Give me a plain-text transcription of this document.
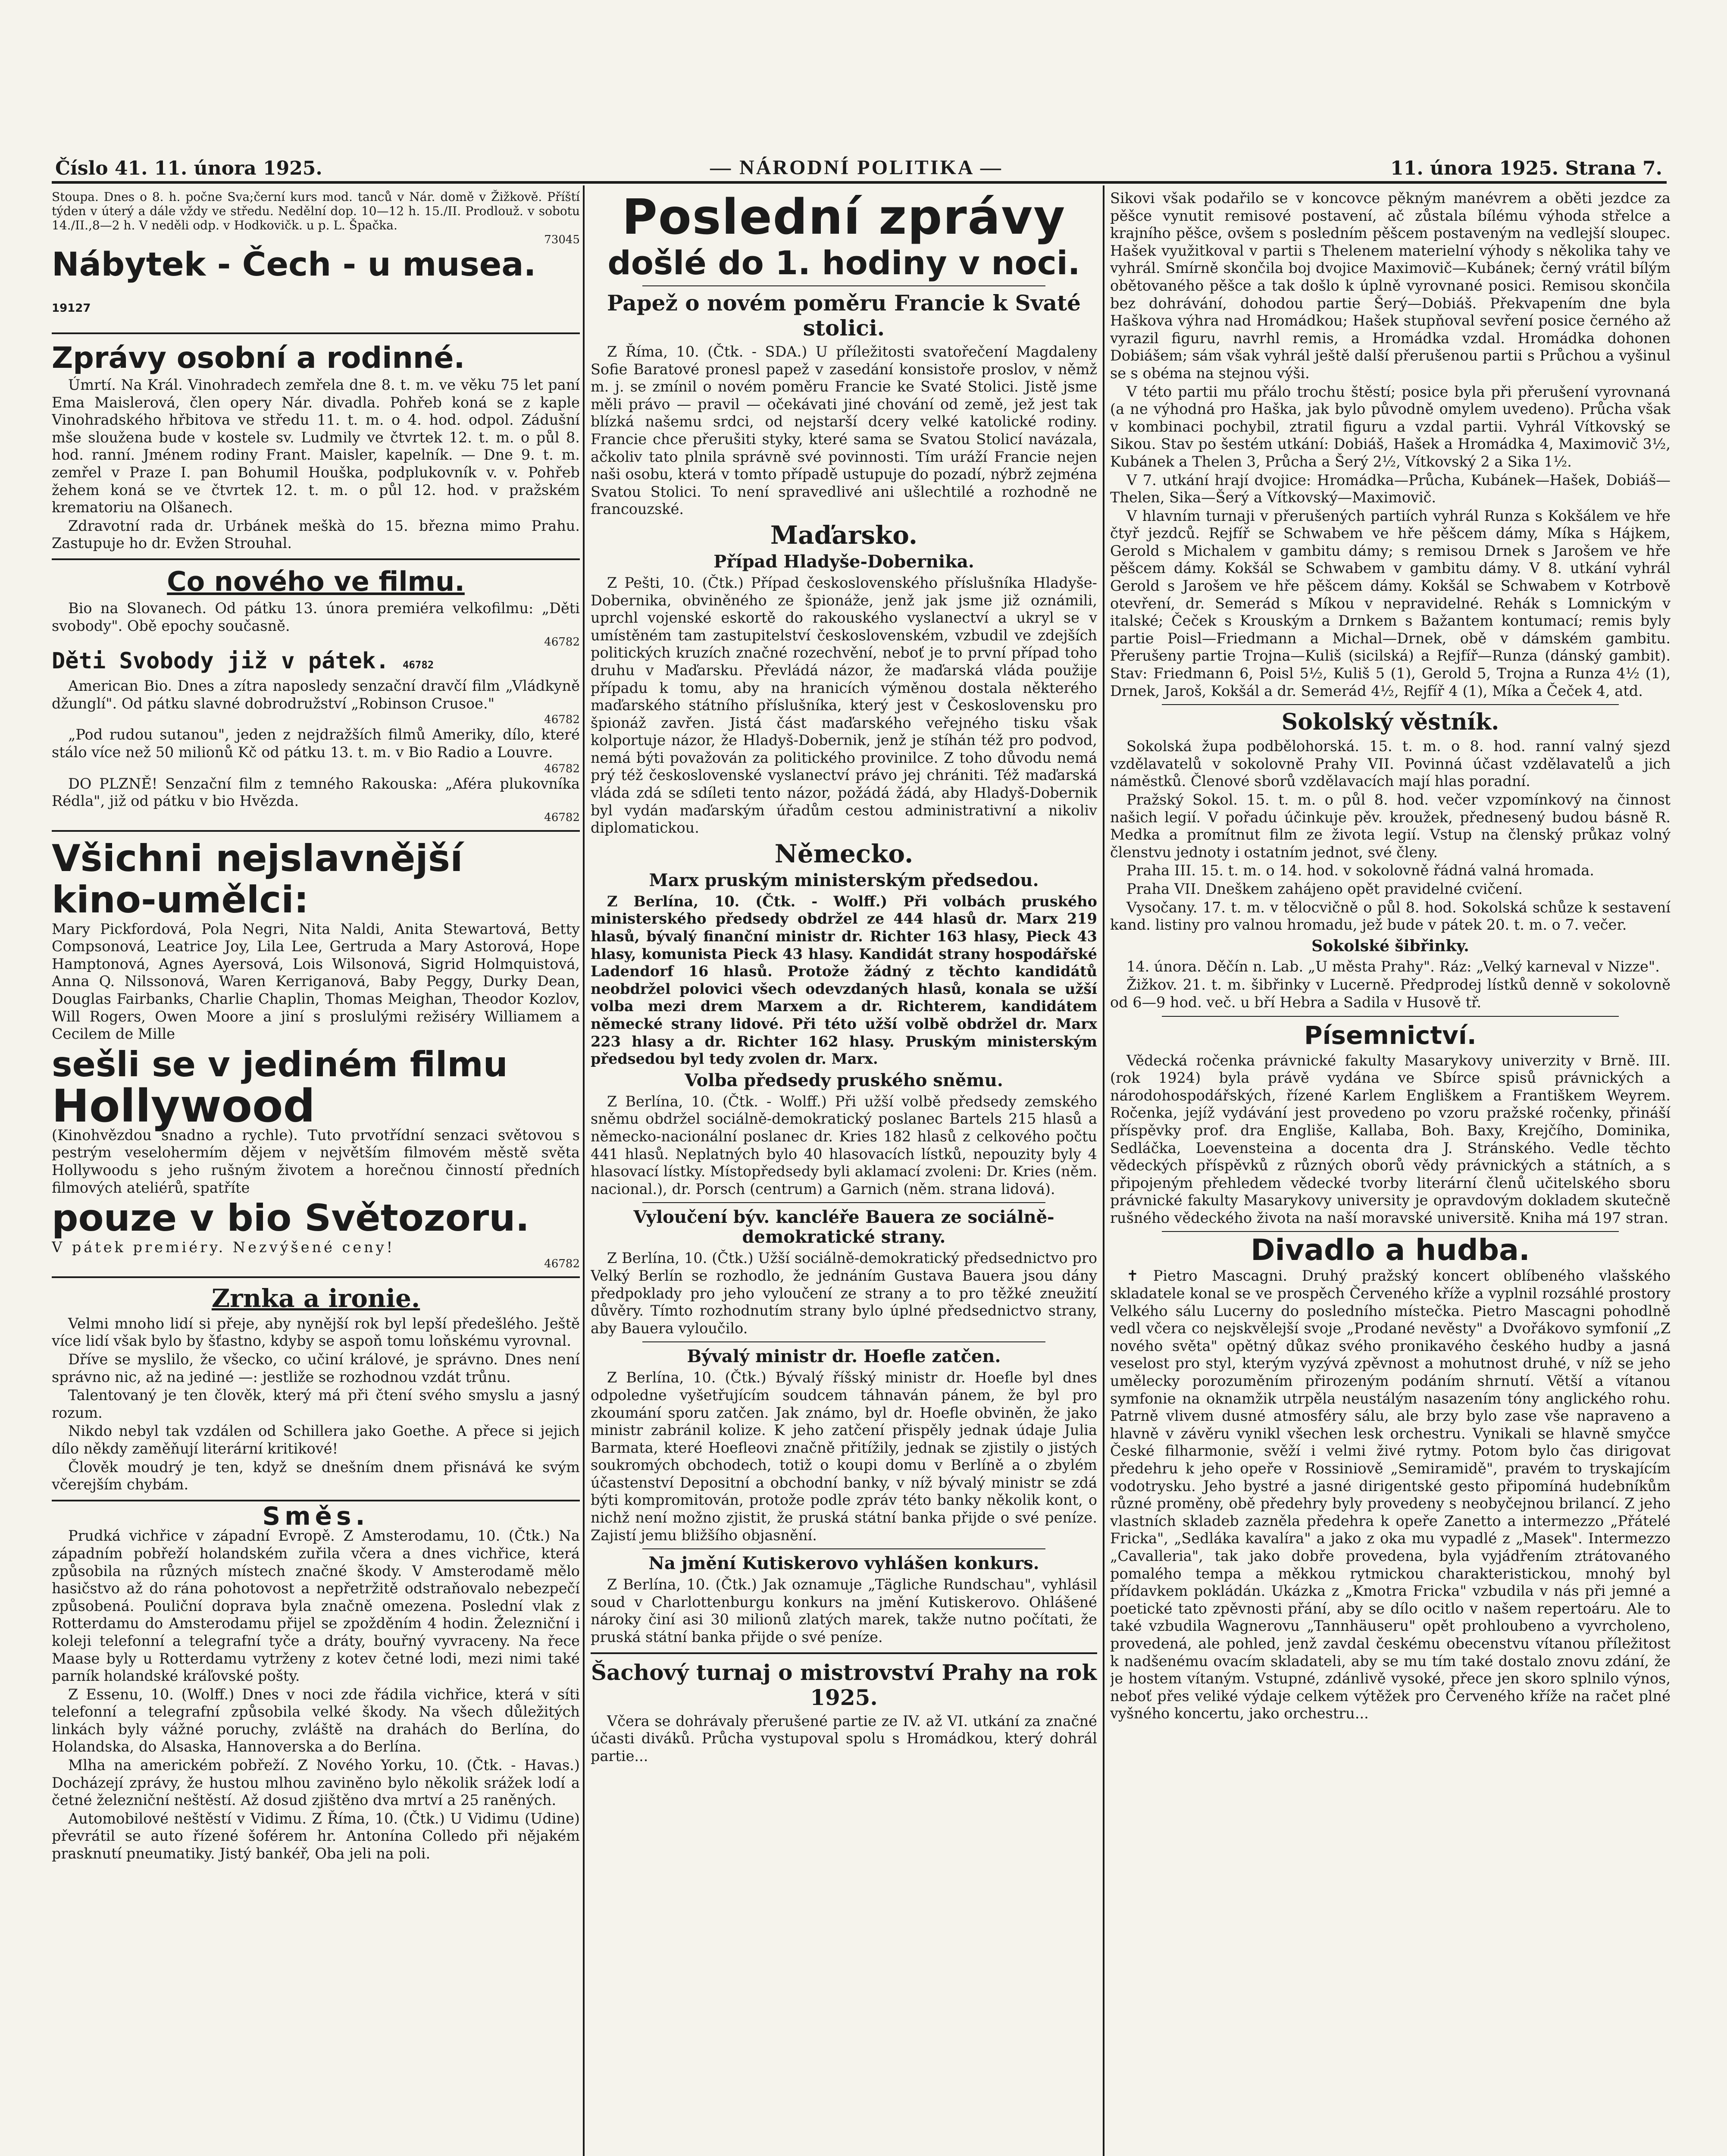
Číslo 41. 11. února 1925.	— NÁRODNÍ POLITIKA —	11. února 1925. Strana 7.

Stoupa. Dnes o 8. h. počne Sva;černí kurs mod. tanců v Nár. domě v Žižkově. Příští týden v úterý a dále vždy ve středu. Nedělní dop. 10—12 h. 15./II. Prodlouž. v sobotu 14./II.,8—2 h. V neděli odp. v Hodkovičk. u p. L. Špačka.

73045
Nábytek - Čech - u musea. 19127
Zprávy osobní a rodinné.

Úmrtí. Na Král. Vinohradech zemřela dne 8. t. m. ve věku 75 let paní Ema Maislerová, člen opery Nár. divadla. Pohřeb koná se z kaple Vinohradského hřbitova ve středu 11. t. m. o 4. hod. odpol. Zádušní mše sloužena bude v kostele sv. Ludmily ve čtvrtek 12. t. m. o půl 8. hod. ranní. Jménem rodiny Frant. Maisler, kapelník. — Dne 9. t. m. zemřel v Praze I. pan Bohumil Houška, podplukovník v. v. Pohřeb žehem koná se ve čtvrtek 12. t. m. o půl 12. hod. v pražském krematoriu na Olšanech.

Zdravotní rada dr. Urbánek meškà do 15. března mimo Prahu. Zastupuje ho dr. Evžen Strouhal.

Co nového ve filmu.

Bio na Slovanech. Od pátku 13. února premiéra velkofilmu: „Děti svobody". Obě epochy současně.

46782
Děti Svobody již v pátek. 46782

American Bio. Dnes a zítra naposledy senzační dravčí film „Vládkyně džunglí". Od pátku slavné dobrodružství „Robinson Crusoe."

46782

„Pod rudou sutanou", jeden z nejdražších filmů Ameriky, dílo, které stálo více než 50 milionů Kč od pátku 13. t. m. v Bio Radio a Louvre.

46782

DO PLZNĚ! Senzační film z temného Rakouska: „Aféra plukovníka Rédla", již od pátku v bio Hvězda.

46782
Všichni nejslavnější kino-umělci:

Mary Pickfordová, Pola Negri, Nita Naldi, Anita Stewartová, Betty Compsonová, Leatrice Joy, Lila Lee, Gertruda a Mary Astorová, Hope Hamptonová, Agnes Ayersová, Lois Wilsonová, Sigrid Holmquistová, Anna Q. Nilssonová, Waren Kerriganová, Baby Peggy, Durky Dean, Douglas Fairbanks, Charlie Chaplin, Thomas Meighan, Theodor Kozlov, Will Rogers, Owen Moore a jiní s proslulými režiséry Williamem a Cecilem de Mille

sešli se v jediném filmu
Hollywood

(Kinohvězdou snadno a rychle). Tuto prvotřídní senzaci světovou s pestrým veselohermím dějem v největším filmovém městě světa Hollywoodu s jeho rušným životem a horečnou činností předních filmových ateliérů, spatříte

pouze v bio Světozoru.

V pátek premiéry. Nezvýšené ceny!

46782
Zrnka a ironie.

Velmi mnoho lidí si přeje, aby nynější rok byl lepší předešlého. Ještě více lidí však bylo by šťastno, kdyby se aspoň tomu loňskému vyrovnal.

Dříve se myslilo, že všecko, co učiní králové, je správno. Dnes není správno nic, až na jediné —: jestliže se rozhodnou vzdát trůnu.

Talentovaný je ten člověk, který má při čtení svého smyslu a jasný rozum.

Nikdo nebyl tak vzdálen od Schillera jako Goethe. A přece si jejich dílo někdy zaměňují literární kritikové!

Člověk moudrý je ten, když se dnešním dnem přisnává ke svým včerejším chybám.

Směs.

Prudká vichřice v západní Evropě. Z Amsterodamu, 10. (Čtk.) Na západním pobřeží holandském zuřila včera a dnes vichřice, která způsobila na různých místech značné škody. V Amsterodamě mělo hasičstvo až do rána pohotovost a nepřetržitě odstraňovalo nebezpečí způsobená. Pouliční doprava byla značně omezena. Poslední vlak z Rotterdamu do Amsterodamu přijel se zpožděním 4 hodin. Železniční i koleji telefonní a telegrafní tyče a dráty, bouřný vyvraceny. Na řece Maase byly u Rotterdamu vytrženy z kotev četné lodi, mezi nimi také parník holandské kráľovské pošty.

Z Essenu, 10. (Wolff.) Dnes v noci zde řádila vichřice, která v síti telefonní a telegrafní způsobila velké škody. Na všech důležitých linkách byly vážné poruchy, zvláště na drahách do Berlína, do Holandska, do Alsaska, Hannoverska a do Berlína.

Mlha na americkém pobřeží. Z Nového Yorku, 10. (Čtk. - Havas.) Docházejí zprávy, že hustou mlhou zaviněno bylo několik srážek lodí a četné železniční neštěstí. Až dosud zjištěno dva mrtví a 25 raněných.

Automobilové neštěstí v Vidimu. Z Říma, 10. (Čtk.) U Vidimu (Udine) převrátil se auto řízené šoférem hr. Antonína Colledo při nějakém prasknutí pneumatiky. Jistý bankéř, Oba jeli na poli.

Poslední zprávy
došlé do 1. hodiny v noci.
Papež o novém poměru Francie k Svaté stolici.

Z Říma, 10. (Čtk. - SDA.) U příležitosti svatořečení Magdaleny Sofie Baratové pronesl papež v zasedání konsistoře proslov, v němž m. j. se zmínil o novém poměru Francie ke Svaté Stolici. Jistě jsme měli právo — pravil — očekávati jiné chování od země, jež jest tak blízká našemu srdci, od nejstarší dcery velké katolické rodiny. Francie chce přerušiti styky, které sama se Svatou Stolicí navázala, ačkoliv tato plnila správně své povinnosti. Tím uráží Francie nejen naši osobu, která v tomto případě ustupuje do pozadí, nýbrž zejména Svatou Stolici. To není spravedlivé ani ušlechtilé a rozhodně ne francouzské.

Maďarsko.
Případ Hladyše-Dobernika.

Z Pešti, 10. (Čtk.) Případ československého příslušníka Hladyše-Dobernika, obviněného ze špionáže, jenž jak jsme již oznámili, uprchl vojenské eskortě do rakouského vyslanectví a ukryl se v umístěném tam zastupitelství československém, vzbudil ve zdejších politických kruzích značné rozechvění, neboť je to první případ toho druhu v Maďarsku. Převládá názor, že maďarská vláda použije případu k tomu, aby na hranicích výměnou dostala některého maďarského státního příslušníka, který jest v Československu pro špionáž zavřen. Jistá část maďarského veřejného tisku však kolportuje názor, že Hladyš-Dobernik, jenž je stíhán též pro podvod, nemá býti považován za politického provinilce. Z toho důvodu nemá prý též československé vyslanectví právo jej chrániti. Též maďarská vláda zdá se sdíleti tento názor, požádá žádá, aby Hladyš-Dobernik byl vydán maďarským úřadům cestou administrativní a nikoliv diplomatickou.

Německo.
Marx pruským ministerským předsedou.

Z Berlína, 10. (Čtk. - Wolff.) Při volbách pruského ministerského předsedy obdržel ze 444 hlasů dr. Marx 219 hlasů, bývalý finanční ministr dr. Richter 163 hlasy, Pieck 43 hlasy, komunista Pieck 43 hlasy. Kandidát strany hospodářské Ladendorf 16 hlasů. Protože žádný z těchto kandidátů neobdržel polovici všech odevzdaných hlasů, konala se užší volba mezi drem Marxem a dr. Richterem, kandidátem německé strany lidové. Při této užší volbě obdržel dr. Marx 223 hlasy a dr. Richter 162 hlasy. Pruským ministerským předsedou byl tedy zvolen dr. Marx.

Volba předsedy pruského sněmu.

Z Berlína, 10. (Čtk. - Wolff.) Při užší volbě předsedy zemského sněmu obdržel sociálně-demokratický poslanec Bartels 215 hlasů a německo-nacionální poslanec dr. Kries 182 hlasů z celkového počtu 441 hlasů. Neplatných bylo 40 hlasovacích lístků, nepouzity byly 4 hlasovací lístky. Místopředsedy byli aklamací zvoleni: Dr. Kries (něm. nacional.), dr. Porsch (centrum) a Garnich (něm. strana lidová).

Vyloučení býv. kancléře Bauera ze sociálně-demokratické strany.

Z Berlína, 10. (Čtk.) Užší sociálně-demokratický předsednictvo pro Velký Berlín se rozhodlo, že jednáním Gustava Bauera jsou dány předpoklady pro jeho vyloučení ze strany a to pro těžké zneužití důvěry. Tímto rozhodnutím strany bylo úplné předsednictvo strany, aby Bauera vyloučilo.

Bývalý ministr dr. Hoefle zatčen.

Z Berlína, 10. (Čtk.) Bývalý říšský ministr dr. Hoefle byl dnes odpoledne vyšetřujícím soudcem táhnaván pánem, že byl pro zkoumání sporu zatčen. Jak známo, byl dr. Hoefle obviněn, že jako ministr zabránil kolize. K jeho zatčení přispěly jednak údaje Julia Barmata, které Hoefleovi značně přitížily, jednak se zjistily o jistých soukromých obchodech, totiž o koupi domu v Berlíně a o zbylém účastenství Depositní a obchodní banky, v níž bývalý ministr se zdá býti kompromitován, protože podle zpráv této banky několik kont, o nichž není možno zjistit, že pruská státní banka přijde o své peníze. Zajistí jemu bližšího objasnění.

Na jmění Kutiskerovo vyhlášen konkurs.

Z Berlína, 10. (Čtk.) Jak oznamuje „Tägliche Rundschau", vyhlásil soud v Charlottenburgu konkurs na jmění Kutiskerovo. Ohlášené nároky činí asi 30 milionů zlatých marek, takže nutno počítati, že pruská státní banka přijde o své peníze.

Šachový turnaj o mistrovství Prahy na rok 1925.

Včera se dohrávaly přerušené partie ze IV. až VI. utkání za značné účasti diváků. Průcha vystupoval spolu s Hromádkou, který dohrál partie...

Sikovi však podařilo se v koncovce pěkným manévrem a oběti jezdce za pěšce vynutit remisové postavení, ač zůstala bílému výhoda střelce a krajního pěšce, ovšem s posledním pěšcem postaveným na vedlejší sloupec. Hašek využitkoval v partii s Thelenem materielní výhody s několika tahy ve vyhrál. Smírně skončila boj dvojice Maximovič—Kubánek; černý vrátil bílým obětovaného pěšce a tak došlo k úplně vyrovnané posici. Remisou skončila bez dohrávání, dohodou partie Šerý—Dobiáš. Překvapením dne byla Haškova výhra nad Hromádkou; Hašek stupňoval sevření posice černého až vyrazil figuru, navrhl remis, a Hromádka vzdal. Hromádka dohonen Dobiášem; sám však vyhrál ještě další přerušenou partii s Průchou a vyšinul se s obéma na stejnou výši.

V této partii mu přálo trochu štěstí; posice byla při přerušení vyrovnaná (a ne výhodná pro Haška, jak bylo původně omylem uvedeno). Průcha však v kombinaci pochybil, ztratil figuru a vzdal partii. Vyhrál Vítkovský se Sikou. Stav po šestém utkání: Dobiáš, Hašek a Hromádka 4, Maximovič 3½, Kubánek a Thelen 3, Průcha a Šerý 2½, Vítkovský 2 a Sika 1½.

V 7. utkání hrají dvojice: Hromádka—Průcha, Kubánek—Hašek, Dobiáš—Thelen, Sika—Šerý a Vítkovský—Maximovič.

V hlavním turnaji v přerušených partiích vyhrál Runza s Kokšálem ve hře čtyř jezdců. Rejfíř se Schwabem ve hře pěšcem dámy, Míka s Hájkem, Gerold s Michalem v gambitu dámy; s remisou Drnek s Jarošem ve hře pěšcem dámy. Kokšál se Schwabem v gambitu dámy. V 8. utkání vyhrál Gerold s Jarošem ve hře pěšcem dámy. Kokšál se Schwabem v Kotrbově otevření, dr. Semerád s Míkou v nepravidelné. Rehák s Lomnickým v italské; Čeček s Krouským a Drnkem s Bažantem kontumací; remis byly partie Poisl—Friedmann a Michal—Drnek, obě v dámském gambitu. Přerušeny partie Trojna—Kuliš (sicilská) a Rejfíř—Runza (dánský gambit). Stav: Friedmann 6, Poisl 5½, Kuliš 5 (1), Gerold 5, Trojna a Runza 4½ (1), Drnek, Jaroš, Kokšál a dr. Semerád 4½, Rejfíř 4 (1), Míka a Čeček 4, atd.

Sokolský věstník.

Sokolská župa podbělohorská. 15. t. m. o 8. hod. ranní valný sjezd vzdělavatelů v sokolovně Prahy VII. Povinná účast vzdělavatelů a jich náměstků. Členové sborů vzdělavacích mají hlas poradní.

Pražský Sokol. 15. t. m. o půl 8. hod. večer vzpomínkový na činnost našich legií. V pořadu účinkuje pěv. kroužek, přednesený budou básně R. Medka a promítnut film ze života legií. Vstup na členský průkaz volný členstvu jednoty i ostatním jednot, své členy.

Praha III. 15. t. m. o 14. hod. v sokolovně řádná valná hromada.

Praha VII. Dneškem zahájeno opět pravidelné cvičení.

Vysočany. 17. t. m. v tělocvičně o půl 8. hod. Sokolská schůze k sestavení kand. listiny pro valnou hromadu, jež bude v pátek 20. t. m. o 7. večer.

Sokolské šibřinky.

14. února. Děčín n. Lab. „U města Prahy". Ráz: „Velký karneval v Nizze".

Žižkov. 21. t. m. šibřinky v Lucerně. Předprodej lístků denně v sokolovně od 6—9 hod. več. u bří Hebra a Sadila v Husově tř.

Písemnictví.

Vědecká ročenka právnické fakulty Masarykovy univerzity v Brně. III. (rok 1924) byla právě vydána ve Sbírce spisů právnických a národohospodářských, řízené Karlem Engliškem a Františkem Weyrem. Ročenka, jejíž vydávání jest provedeno po vzoru pražské ročenky, přináší příspěvky prof. dra Englišе, Kallaba, Boh. Baxy, Krejčího, Dominika, Sedláčka, Loevensteina a docenta dra J. Stránského. Vedle těchto vědeckých příspěvků z různých oborů vědy právnických a státních, a s připojeným přehledem vědecké tvorby literární členů učitelského sboru právnické fakulty Masarykovy university je opravdovým dokladem skutečně rušného vědeckého života na naší moravské universitě. Kniha má 197 stran.

Divadlo a hudba.

✝ Pietro Mascagni. Druhý pražský koncert oblíbeného vlašského skladatele konal se ve prospěch Červeného kříže a vyplnil rozsáhlé prostory Velkého sálu Lucerny do posledního místečka. Pietro Mascagni pohodlně vedl včera co nejskvělejší svoje „Prodané nevěsty" a Dvořákovo symfonií „Z nového světa" opětný důkaz svého pronikavého českého hudby a jasná veselost pro styl, kterým vyzývá zpěvnost a mohutnost druhé, v níž se jeho umělecky porozuměním přirozeným podáním shrnutí. Větší a vítanou symfonie na oknamžik utrpěla neustálým nasazením tóny anglického rohu. Patrně vlivem dusné atmosféry sálu, ale brzy bylo zase vše napraveno a hlavně v závěru vynikl všechen lesk orchestru. Vynikali se hlavně smyčce České filharmonie, svěží i velmi živé rytmy. Potom bylo čas dirigovat předehru k jeho opeře v Rossiniově „Semiramidě", pravém to tryskajícím vodotrysku. Jeho bystré a jasné dirigentské gesto připomíná hudebníkům různé proměny, obě předehry byly provedeny s neobyčejnou brilancí. Z jeho vlastních skladeb zazněla předehra k opeře Zanetto a intermezzo „Přátelé Fricka", „Sedláka kavalíra" a jako z oka mu vypadlé z „Masek". Intermezzo „Cavalleria", tak jako dobře provedena, byla vyjádřením ztrátovaného pomalého tempa a měkkou rytmickou charakteristickou, mnohý byl přídavkem pokládán. Ukázka z „Kmotra Fricka" vzbudila v nás při jemné a poetické tato zpěvnosti přání, aby se dílo ocitlo v našem repertoáru. Ale to také vzbudila Wagnerovu „Tannhäuseru" opět prohloubeno a vyvrcholeno, provedená, ale pohled, jenž zavdal českému obecenstvu vítanou příležitost k nadšenému ovacím skladateli, aby se mu tím také dostalo znovu zdání, že je hostem vítaným. Vstupné, zdánlivě vysoké, přece jen skoro splnilo výnos, neboť přes veliké výdaje celkem výtěžek pro Červeného kříže na račet plné vyšného koncertu, jako orchestru...
